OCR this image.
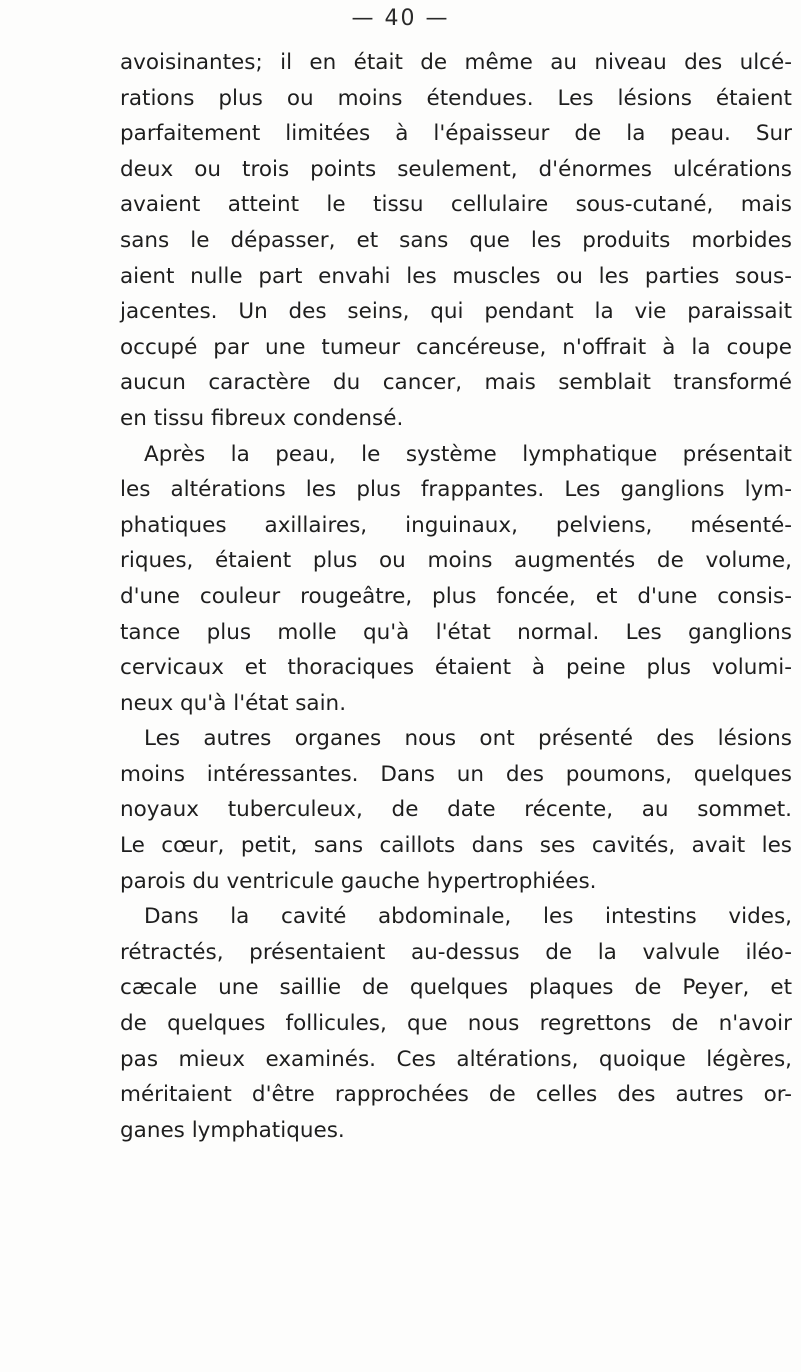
— 40 —
avoisinantes; il en était de même au niveau des ulcé-
rations plus ou moins étendues. Les lésions étaient
parfaitement limitées à l'épaisseur de la peau. Sur
deux ou trois points seulement, d'énormes ulcérations
avaient atteint le tissu cellulaire sous-cutané, mais
sans le dépasser, et sans que les produits morbides
aient nulle part envahi les muscles ou les parties sous-
jacentes. Un des seins, qui pendant la vie paraissait
occupé par une tumeur cancéreuse, n'offrait à la coupe
aucun caractère du cancer, mais semblait transformé
en tissu fibreux condensé.
Après la peau, le système lymphatique présentait
les altérations les plus frappantes. Les ganglions lym-
phatiques axillaires, inguinaux, pelviens, mésenté-
riques, étaient plus ou moins augmentés de volume,
d'une couleur rougeâtre, plus foncée, et d'une consis-
tance plus molle qu'à l'état normal. Les ganglions
cervicaux et thoraciques étaient à peine plus volumi-
neux qu'à l'état sain.
Les autres organes nous ont présenté des lésions
moins intéressantes. Dans un des poumons, quelques
noyaux tuberculeux, de date récente, au sommet.
Le cœur, petit, sans caillots dans ses cavités, avait les
parois du ventricule gauche hypertrophiées.
Dans la cavité abdominale, les intestins vides,
rétractés, présentaient au-dessus de la valvule iléo-
cæcale une saillie de quelques plaques de Peyer, et
de quelques follicules, que nous regrettons de n'avoir
pas mieux examinés. Ces altérations, quoique légères,
méritaient d'être rapprochées de celles des autres or-
ganes lymphatiques.
